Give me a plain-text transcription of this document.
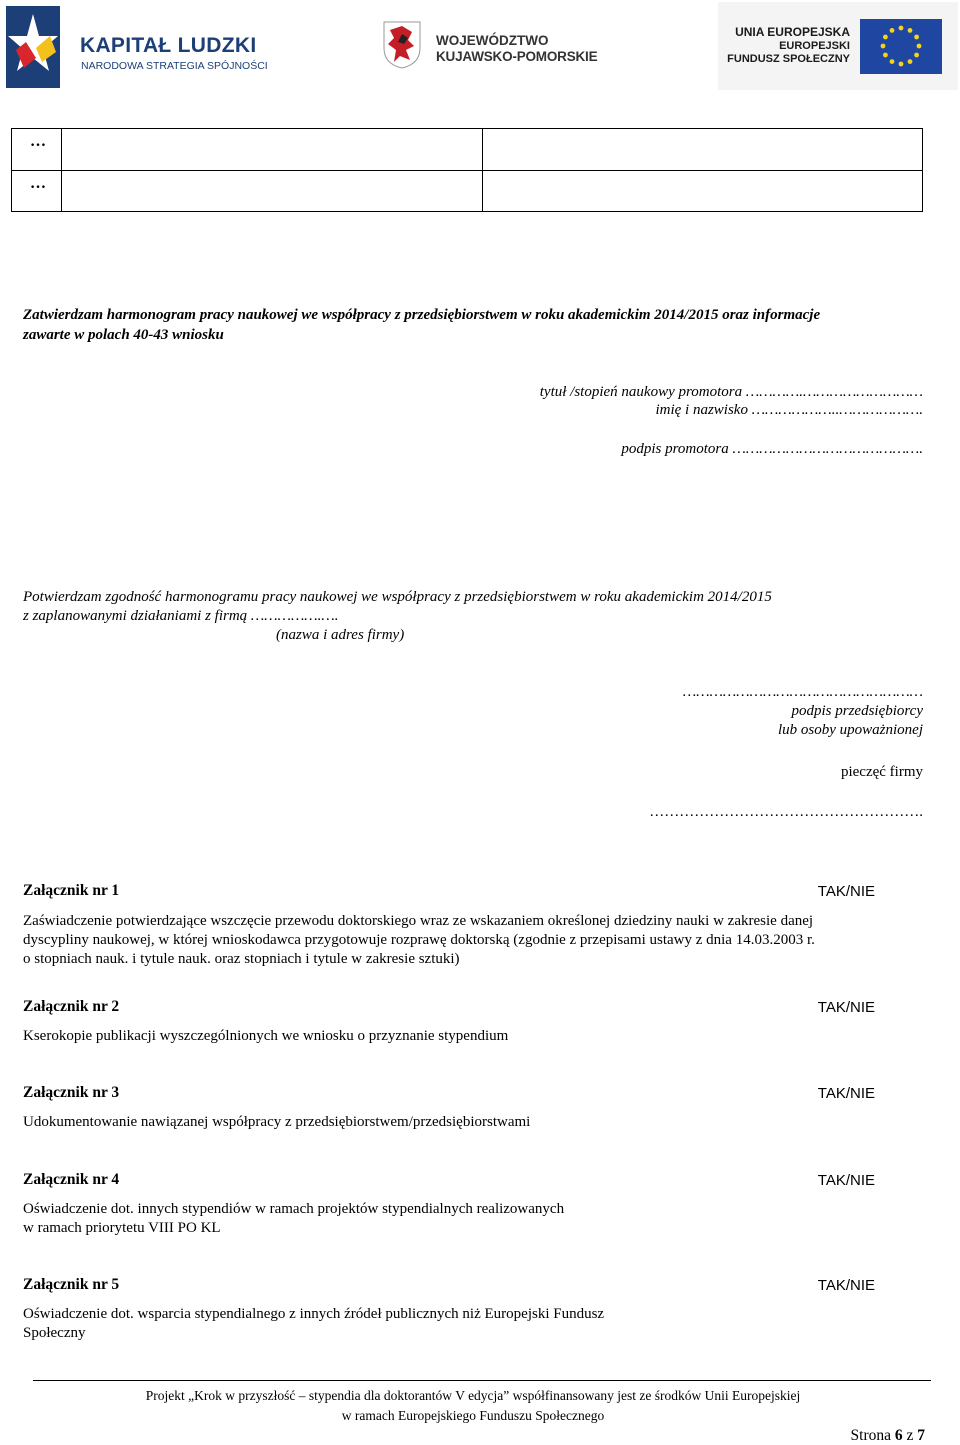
KAPITAŁ LUDZKI
NARODOWA STRATEGIA SPÓJNOŚCI
WOJEWÓDZTWO
KUJAWSKO-POMORSKIE
UNIA EUROPEJSKA
EUROPEJSKI
FUNDUSZ SPOŁECZNY
…
…
Zatwierdzam harmonogram pracy naukowej we współpracy z przedsiębiorstwem w roku akademickim 2014/2015 oraz informacje
zawarte w polach 40-43 wniosku
tytuł /stopień naukowy promotora ………….………………………
imię i nazwisko ………………..……………….
podpis promotora …………………………………….
Potwierdzam zgodność harmonogramu pracy naukowej we współpracy z przedsiębiorstwem w roku akademickim 2014/2015
z zaplanowanymi działaniami z firmą …………….….
(nazwa i adres firmy)
………………………………………………
podpis przedsiębiorcy
lub osoby upoważnionej
pieczęć firmy
……………………………………………….
Załącznik nr 1	TAK/NIE
Zaświadczenie potwierdzające wszczęcie przewodu doktorskiego wraz ze wskazaniem określonej dziedziny nauki w zakresie danej
dyscypliny naukowej, w której wnioskodawca przygotowuje rozprawę doktorską (zgodnie z przepisami ustawy z dnia 14.03.2003 r.
o stopniach nauk. i tytule nauk. oraz stopniach i tytule w zakresie sztuki)
Załącznik nr 2	TAK/NIE
Kserokopie publikacji wyszczególnionych we wniosku o przyznanie stypendium
Załącznik nr 3	TAK/NIE
Udokumentowanie nawiązanej współpracy z przedsiębiorstwem/przedsiębiorstwami
Załącznik nr 4	TAK/NIE
Oświadczenie dot. innych stypendiów w ramach projektów stypendialnych realizowanych
w ramach priorytetu VIII PO KL
Załącznik nr 5	TAK/NIE
Oświadczenie dot. wsparcia stypendialnego z innych źródeł publicznych niż Europejski Fundusz
Społeczny
Projekt „Krok w przyszłość – stypendia dla doktorantów V edycja” współfinansowany jest ze środków Unii Europejskiej
w ramach Europejskiego Funduszu Społecznego
Strona 6 z 7
